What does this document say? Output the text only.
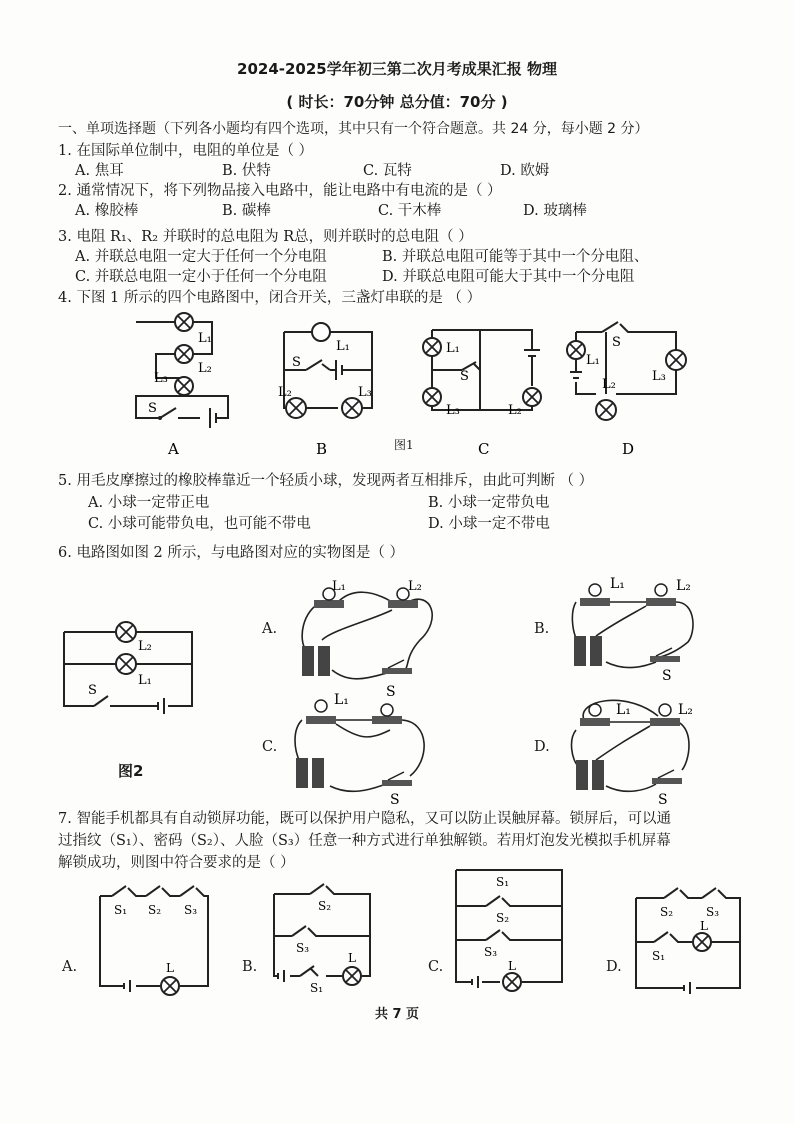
2024-2025学年初三第二次月考成果汇报 物理
( 时长：70分钟 总分值：70分 )
一、单项选择题（下列各小题均有四个选项，其中只有一个符合题意。共 24 分，每小题 2 分）
1. 在国际单位制中，电阻的单位是（ ）
A. 焦耳	B. 伏特	C. 瓦特	D. 欧姆
2. 通常情况下，将下列物品接入电路中，能让电路中有电流的是（ ）
A. 橡胶棒	B. 碳棒	C. 干木棒	D. 玻璃棒
3. 电阻 R₁、R₂ 并联时的总电阻为 R总，则并联时的总电阻（ ）
A. 并联总电阻一定大于任何一个分电阻	B. 并联总电阻可能等于其中一个分电阻、
C. 并联总电阻一定小于任何一个分电阻	D. 并联总电阻可能大于其中一个分电阻
4. 下图 1 所示的四个电路图中，闭合开关，三盏灯串联的是 （ ）
L₁
L₂
L₃
S
A
L₁
S
L₂	L₃
B	图1
L₁
S
L₃	L₂
C
S
L₁
L₂
L₃
D
5. 用毛皮摩擦过的橡胶棒靠近一个轻质小球，发现两者互相排斥，由此可判断 （ ）
A. 小球一定带正电	B. 小球一定带负电
C. 小球可能带负电，也可能不带电	D. 小球一定不带电
6. 电路图如图 2 所示，与电路图对应的实物图是（ ）
L₂
L₁
S
图2
A.
L₁	L₂
S
B.
L₁	L₂
S
C.
L₁
S
D.
L₁	L₂
S
7. 智能手机都具有自动锁屏功能，既可以保护用户隐私，又可以防止误触屏幕。锁屏后，可以通
过指纹（S₁）、密码（S₂）、人脸（S₃）任意一种方式进行单独解锁。若用灯泡发光模拟手机屏幕
解锁成功，则图中符合要求的是（ ）
A.
S₁ S₂ S₃
L	B.
S₂
S₃
S₁
L
C.
S₁
S₂
S₃
L	D.
S₂	S₃
S₁
L
共 7 页
